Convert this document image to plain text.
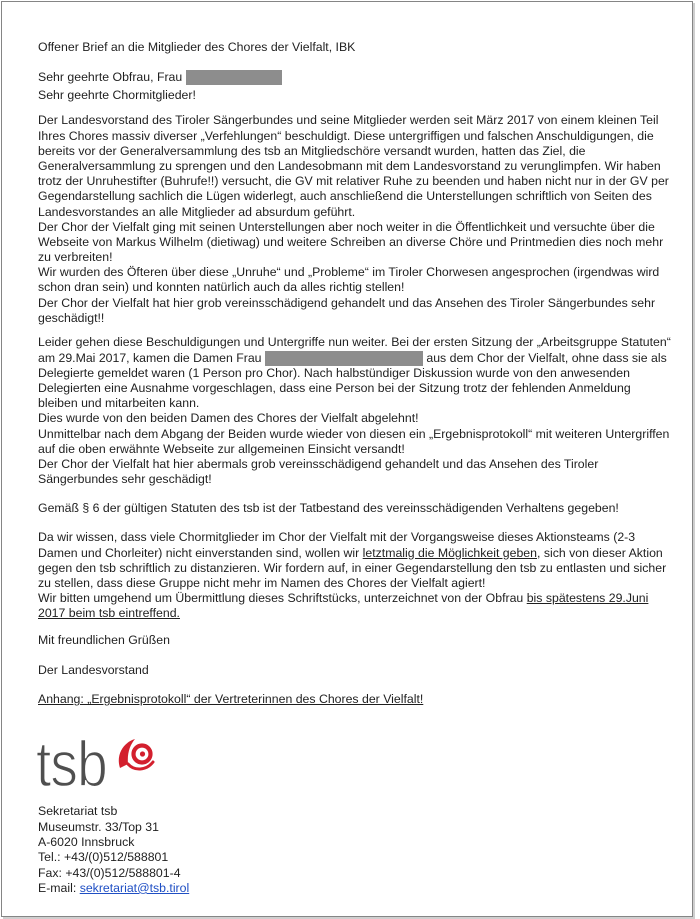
Offener Brief an die Mitglieder des Chores der Vielfalt, IBK
Sehr geehrte Obfrau, Frau
Sehr geehrte Chormitglieder!
Der Landesvorstand des Tiroler Sängerbundes und seine Mitglieder werden seit März 2017 von einem kleinen Teil
Ihres Chores massiv diverser „Verfehlungen“ beschuldigt. Diese untergriffigen und falschen Anschuldigungen, die
bereits vor der Generalversammlung des tsb an Mitgliedschöre versandt wurden, hatten das Ziel, die
Generalversammlung zu sprengen und den Landesobmann mit dem Landesvorstand zu verunglimpfen. Wir haben
trotz der Unruhestifter (Buhrufe!!) versucht, die GV mit relativer Ruhe zu beenden und haben nicht nur in der GV per
Gegendarstellung sachlich die Lügen widerlegt, auch anschließend die Unterstellungen schriftlich von Seiten des
Landesvorstandes an alle Mitglieder ad absurdum geführt.
Der Chor der Vielfalt ging mit seinen Unterstellungen aber noch weiter in die Öffentlichkeit und versuchte über die
Webseite von Markus Wilhelm (dietiwag) und weitere Schreiben an diverse Chöre und Printmedien dies noch mehr
zu verbreiten!
Wir wurden des Öfteren über diese „Unruhe“ und „Probleme“ im Tiroler Chorwesen angesprochen (irgendwas wird
schon dran sein) und konnten natürlich auch da alles richtig stellen!
Der Chor der Vielfalt hat hier grob vereinsschädigend gehandelt und das Ansehen des Tiroler Sängerbundes sehr
geschädigt!!
Leider gehen diese Beschuldigungen und Untergriffe nun weiter. Bei der ersten Sitzung der „Arbeitsgruppe Statuten“
am 29.Mai 2017, kamen die Damen Frau	aus dem Chor der Vielfalt, ohne dass sie als
Delegierte gemeldet waren (1 Person pro Chor). Nach halbstündiger Diskussion wurde von den anwesenden
Delegierten eine Ausnahme vorgeschlagen, dass eine Person bei der Sitzung trotz der fehlenden Anmeldung
bleiben und mitarbeiten kann.
Dies wurde von den beiden Damen des Chores der Vielfalt abgelehnt!
Unmittelbar nach dem Abgang der Beiden wurde wieder von diesen ein „Ergebnisprotokoll“ mit weiteren Untergriffen
auf die oben erwähnte Webseite zur allgemeinen Einsicht versandt!
Der Chor der Vielfalt hat hier abermals grob vereinsschädigend gehandelt und das Ansehen des Tiroler
Sängerbundes sehr geschädigt!
Gemäß § 6 der gültigen Statuten des tsb ist der Tatbestand des vereinsschädigenden Verhaltens gegeben!
Da wir wissen, dass viele Chormitglieder im Chor der Vielfalt mit der Vorgangsweise dieses Aktionsteams (2-3
Damen und Chorleiter) nicht einverstanden sind, wollen wir letztmalig die Möglichkeit geben, sich von dieser Aktion
gegen den tsb schriftlich zu distanzieren. Wir fordern auf, in einer Gegendarstellung den tsb zu entlasten und sicher
zu stellen, dass diese Gruppe nicht mehr im Namen des Chores der Vielfalt agiert!
Wir bitten umgehend um Übermittlung dieses Schriftstücks, unterzeichnet von der Obfrau bis spätestens 29.Juni
2017 beim tsb eintreffend.
Mit freundlichen Grüßen
Der Landesvorstand
Anhang: „Ergebnisprotokoll“ der Vertreterinnen des Chores der Vielfalt!
tsb
Sekretariat tsb
Museumstr. 33/Top 31
A-6020 Innsbruck
Tel.: +43/(0)512/588801
Fax: +43/(0)512/588801-4
E-mail: sekretariat@tsb.tirol
